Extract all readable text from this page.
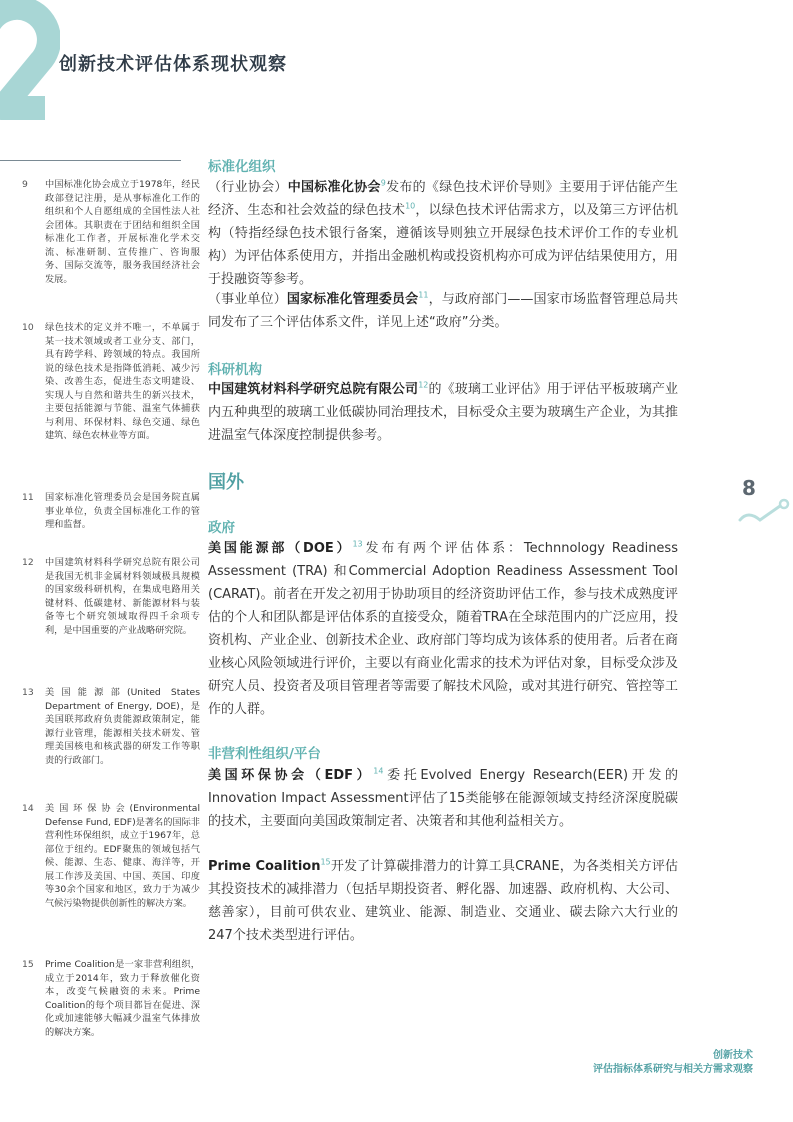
创新技术评估体系现状观察
9	中国标准化协会成立于1978年，经民政部登记注册，是从事标准化工作的组织和个人自愿组成的全国性法人社会团体。其职责在于团结和组织全国标准化工作者，开展标准化学术交流、标准研制、宣传推广、咨询服务、国际交流等，服务我国经济社会发展。
10	绿色技术的定义并不唯一，不单属于某一技术领域或者工业分支、部门，具有跨学科、跨领域的特点。我国所说的绿色技术是指降低消耗、减少污染、改善生态，促进生态文明建设、实现人与自然和谐共生的新兴技术，主要包括能源与节能、温室气体捕获与利用、环保材料、绿色交通、绿色建筑、绿色农林业等方面。
11	国家标准化管理委员会是国务院直属事业单位，负责全国标准化工作的管理和监督。
12	中国建筑材料科学研究总院有限公司是我国无机非金属材料领域极具规模的国家级科研机构，在集成电路用关键材料、低碳建材、新能源材料与装备等七个研究领域取得四千余项专利，是中国重要的产业战略研究院。
13	美国能源部(United States Department of Energy, DOE)，是美国联邦政府负责能源政策制定，能源行业管理，能源相关技术研发、管理美国核电和核武器的研发工作等职责的行政部门。
14	美国环保协会(Environmental Defense Fund, EDF)是著名的国际非营利性环保组织，成立于1967年，总部位于纽约。EDF聚焦的领域包括气候、能源、生态、健康、海洋等，开展工作涉及美国、中国、英国、印度等30余个国家和地区，致力于为减少气候污染物提供创新性的解决方案。
15	Prime Coalition是一家非营利组织，成立于2014年，致力于释放催化资本，改变气候融资的未来。Prime Coalition的每个项目都旨在促进、深化或加速能够大幅减少温室气体排放的解决方案。
标准化组织
（行业协会）中国标准化协会$^9$发布的《绿色技术评价导则》主要用于评估能产生经济、生态和社会效益的绿色技术$^{10}$，以绿色技术评估需求方，以及第三方评估机构（特指经绿色技术银行备案，遵循该导则独立开展绿色技术评价工作的专业机构）为评估体系使用方，并指出金融机构或投资机构亦可成为评估结果使用方，用于投融资等参考。
（事业单位）国家标准化管理委员会$^{11}$，与政府部门——国家市场监督管理总局共同发布了三个评估体系文件，详见上述“政府”分类。
科研机构
中国建筑材料科学研究总院有限公司$^{12}$的《玻璃工业评估》用于评估平板玻璃产业内五种典型的玻璃工业低碳协同治理技术，目标受众主要为玻璃生产企业，为其推进温室气体深度控制提供参考。
国外
政府
美国能源部（DOE）$^{13}$发布有两个评估体系：Technnology Readiness Assessment (TRA) 和Commercial Adoption Readiness Assessment Tool (CARAT)。前者在开发之初用于协助项目的经济资助评估工作，参与技术成熟度评估的个人和团队都是评估体系的直接受众，随着TRA在全球范围内的广泛应用，投资机构、产业企业、创新技术企业、政府部门等均成为该体系的使用者。后者在商业核心风险领域进行评价，主要以有商业化需求的技术为评估对象，目标受众涉及研究人员、投资者及项目管理者等需要了解技术风险，或对其进行研究、管控等工作的人群。
非营利性组织/平台
美国环保协会（EDF）$^{14}$委托Evolved Energy Research(EER)开发的Innovation Impact Assessment评估了15类能够在能源领域支持经济深度脱碳的技术，主要面向美国政策制定者、决策者和其他利益相关方。
Prime Coalition$^{15}$开发了计算碳排潜力的计算工具CRANE，为各类相关方评估其投资技术的减排潜力（包括早期投资者、孵化器、加速器、政府机构、大公司、慈善家），目前可供农业、建筑业、能源、制造业、交通业、碳去除六大行业的247个技术类型进行评估。
8
创新技术
评估指标体系研究与相关方需求观察
